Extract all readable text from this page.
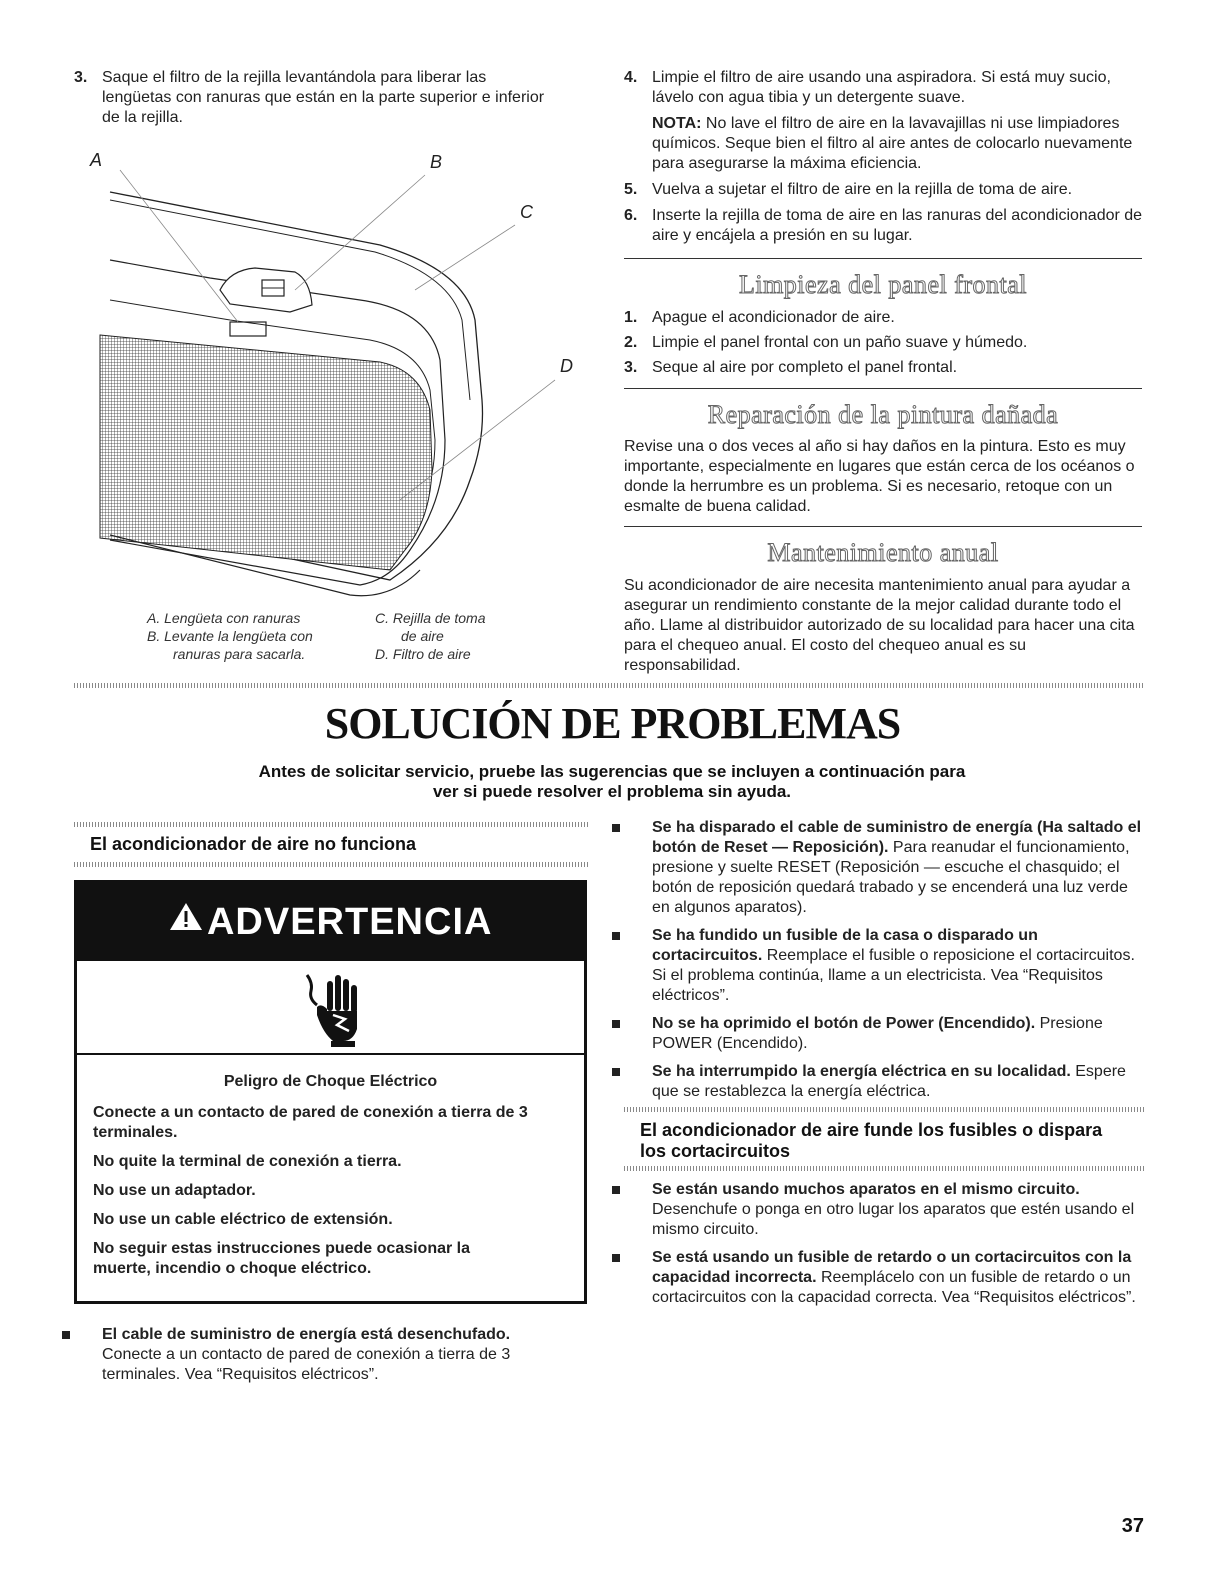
3. Saque el filtro de la rejilla levantándola para liberar las lengüetas con ranuras que están en la parte superior e inferior de la rejilla.

A	B
C
D
A. Lengüeta con ranuras
B. Levante la lengüeta con
ranuras para sacarla.
C. Rejilla de toma
de aire
D. Filtro de aire

4. Limpie el filtro de aire usando una aspiradora. Si está muy sucio, lávelo con agua tibia y un detergente suave.

NOTA: No lave el filtro de aire en la lavavajillas ni use limpiadores químicos. Seque bien el filtro al aire antes de colocarlo nuevamente para asegurarse la máxima eficiencia.

5. Vuelva a sujetar el filtro de aire en la rejilla de toma de aire.

6. Inserte la rejilla de toma de aire en las ranuras del acondicionador de aire y encájela a presión en su lugar.

Limpieza del panel frontal

1. Apague el acondicionador de aire.

2. Limpie el panel frontal con un paño suave y húmedo.

3. Seque al aire por completo el panel frontal.

Reparación de la pintura dañada

Revise una o dos veces al año si hay daños en la pintura. Esto es muy importante, especialmente en lugares que están cerca de los océanos o donde la herrumbre es un problema. Si es necesario, retoque con un esmalte de buena calidad.

Mantenimiento anual

Su acondicionador de aire necesita mantenimiento anual para ayudar a asegurar un rendimiento constante de la mejor calidad durante todo el año. Llame al distribuidor autorizado de su localidad para hacer una cita para el chequeo anual. El costo del chequeo anual es su responsabilidad.

SOLUCIÓN DE PROBLEMAS
Antes de solicitar servicio, pruebe las sugerencias que se incluyen a continuación para
ver si puede resolver el problema sin ayuda.
El acondicionador de aire no funciona
ADVERTENCIA
Peligro de Choque Eléctrico

Conecte a un contacto de pared de conexión a tierra de 3 terminales.

No quite la terminal de conexión a tierra.

No use un adaptador.

No use un cable eléctrico de extensión.

No seguir estas instrucciones puede ocasionar la muerte, incendio o choque eléctrico.

El cable de suministro de energía está desenchufado. Conecte a un contacto de pared de conexión a tierra de 3 terminales. Vea “Requisitos eléctricos”.

Se ha disparado el cable de suministro de energía (Ha saltado el botón de Reset — Reposición). Para reanudar el funcionamiento, presione y suelte RESET (Reposición — escuche el chasquido; el botón de reposición quedará trabado y se encenderá una luz verde en algunos aparatos).

Se ha fundido un fusible de la casa o disparado un cortacircuitos. Reemplace el fusible o reposicione el cortacircuitos. Si el problema continúa, llame a un electricista. Vea “Requisitos eléctricos”.

No se ha oprimido el botón de Power (Encendido). Presione POWER (Encendido).

Se ha interrumpido la energía eléctrica en su localidad. Espere que se restablezca la energía eléctrica.

El acondicionador de aire funde los fusibles o dispara los cortacircuitos

Se están usando muchos aparatos en el mismo circuito. Desenchufe o ponga en otro lugar los aparatos que estén usando el mismo circuito.

Se está usando un fusible de retardo o un cortacircuitos con la capacidad incorrecta. Reemplácelo con un fusible de retardo o un cortacircuitos con la capacidad correcta. Vea “Requisitos eléctricos”.

37
